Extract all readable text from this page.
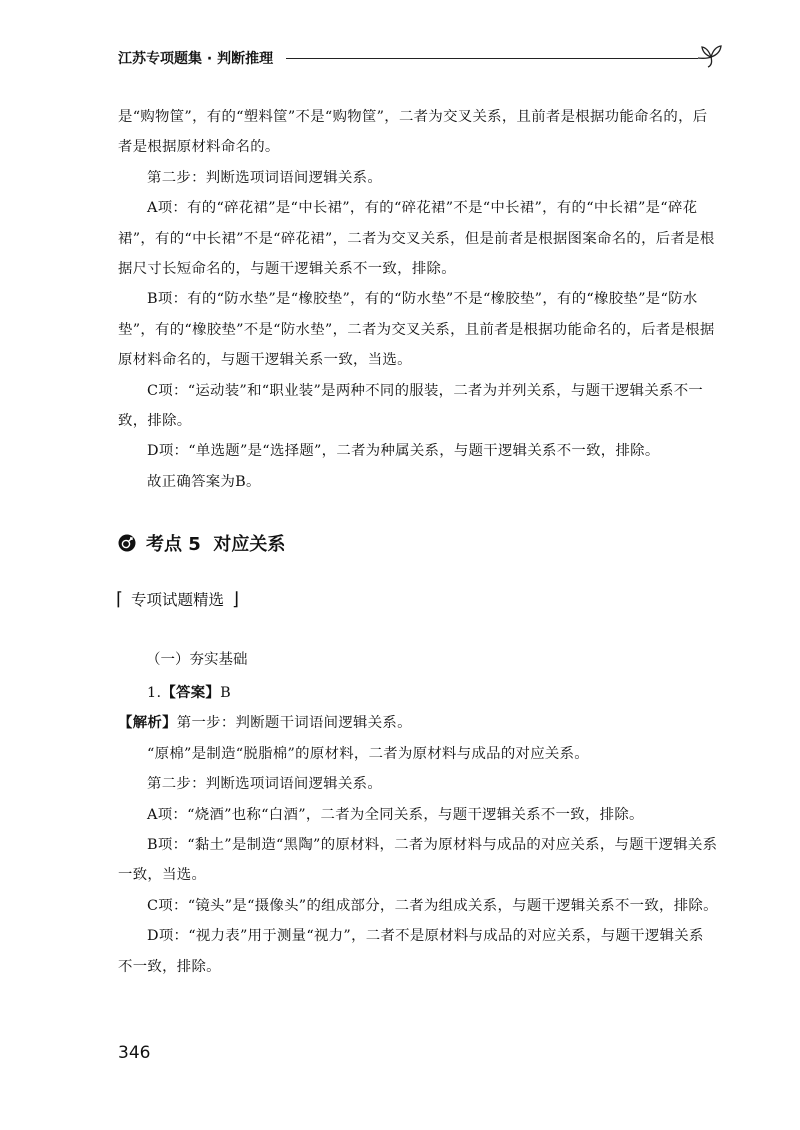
江苏专项题集 · 判断推理

是“购物筐”，有的“塑料筐”不是“购物筐”，二者为交叉关系，且前者是根据功能命名的，后者是根据原材料命名的。

第二步：判断选项词语间逻辑关系。

A项：有的“碎花裙”是“中长裙”，有的“碎花裙”不是“中长裙”，有的“中长裙”是“碎花裙”，有的“中长裙”不是“碎花裙”，二者为交叉关系，但是前者是根据图案命名的，后者是根据尺寸长短命名的，与题干逻辑关系不一致，排除。

B项：有的“防水垫”是“橡胶垫”，有的“防水垫”不是“橡胶垫”，有的“橡胶垫”是“防水垫”，有的“橡胶垫”不是“防水垫”，二者为交叉关系，且前者是根据功能命名的，后者是根据原材料命名的，与题干逻辑关系一致，当选。

C项：“运动装”和“职业装”是两种不同的服装，二者为并列关系，与题干逻辑关系不一致，排除。

D项：“单选题”是“选择题”，二者为种属关系，与题干逻辑关系不一致，排除。

故正确答案为B。

考点 5  对应关系
⌈ 专项试题精选 ⌋
（一）夯实基础

1.【答案】B

【解析】第一步：判断题干词语间逻辑关系。

“原棉”是制造“脱脂棉”的原材料，二者为原材料与成品的对应关系。

第二步：判断选项词语间逻辑关系。

A项：“烧酒”也称“白酒”，二者为全同关系，与题干逻辑关系不一致，排除。

B项：“黏土”是制造“黑陶”的原材料，二者为原材料与成品的对应关系，与题干逻辑关系一致，当选。

C项：“镜头”是“摄像头”的组成部分，二者为组成关系，与题干逻辑关系不一致，排除。

D项：“视力表”用于测量“视力”，二者不是原材料与成品的对应关系，与题干逻辑关系不一致，排除。

346
